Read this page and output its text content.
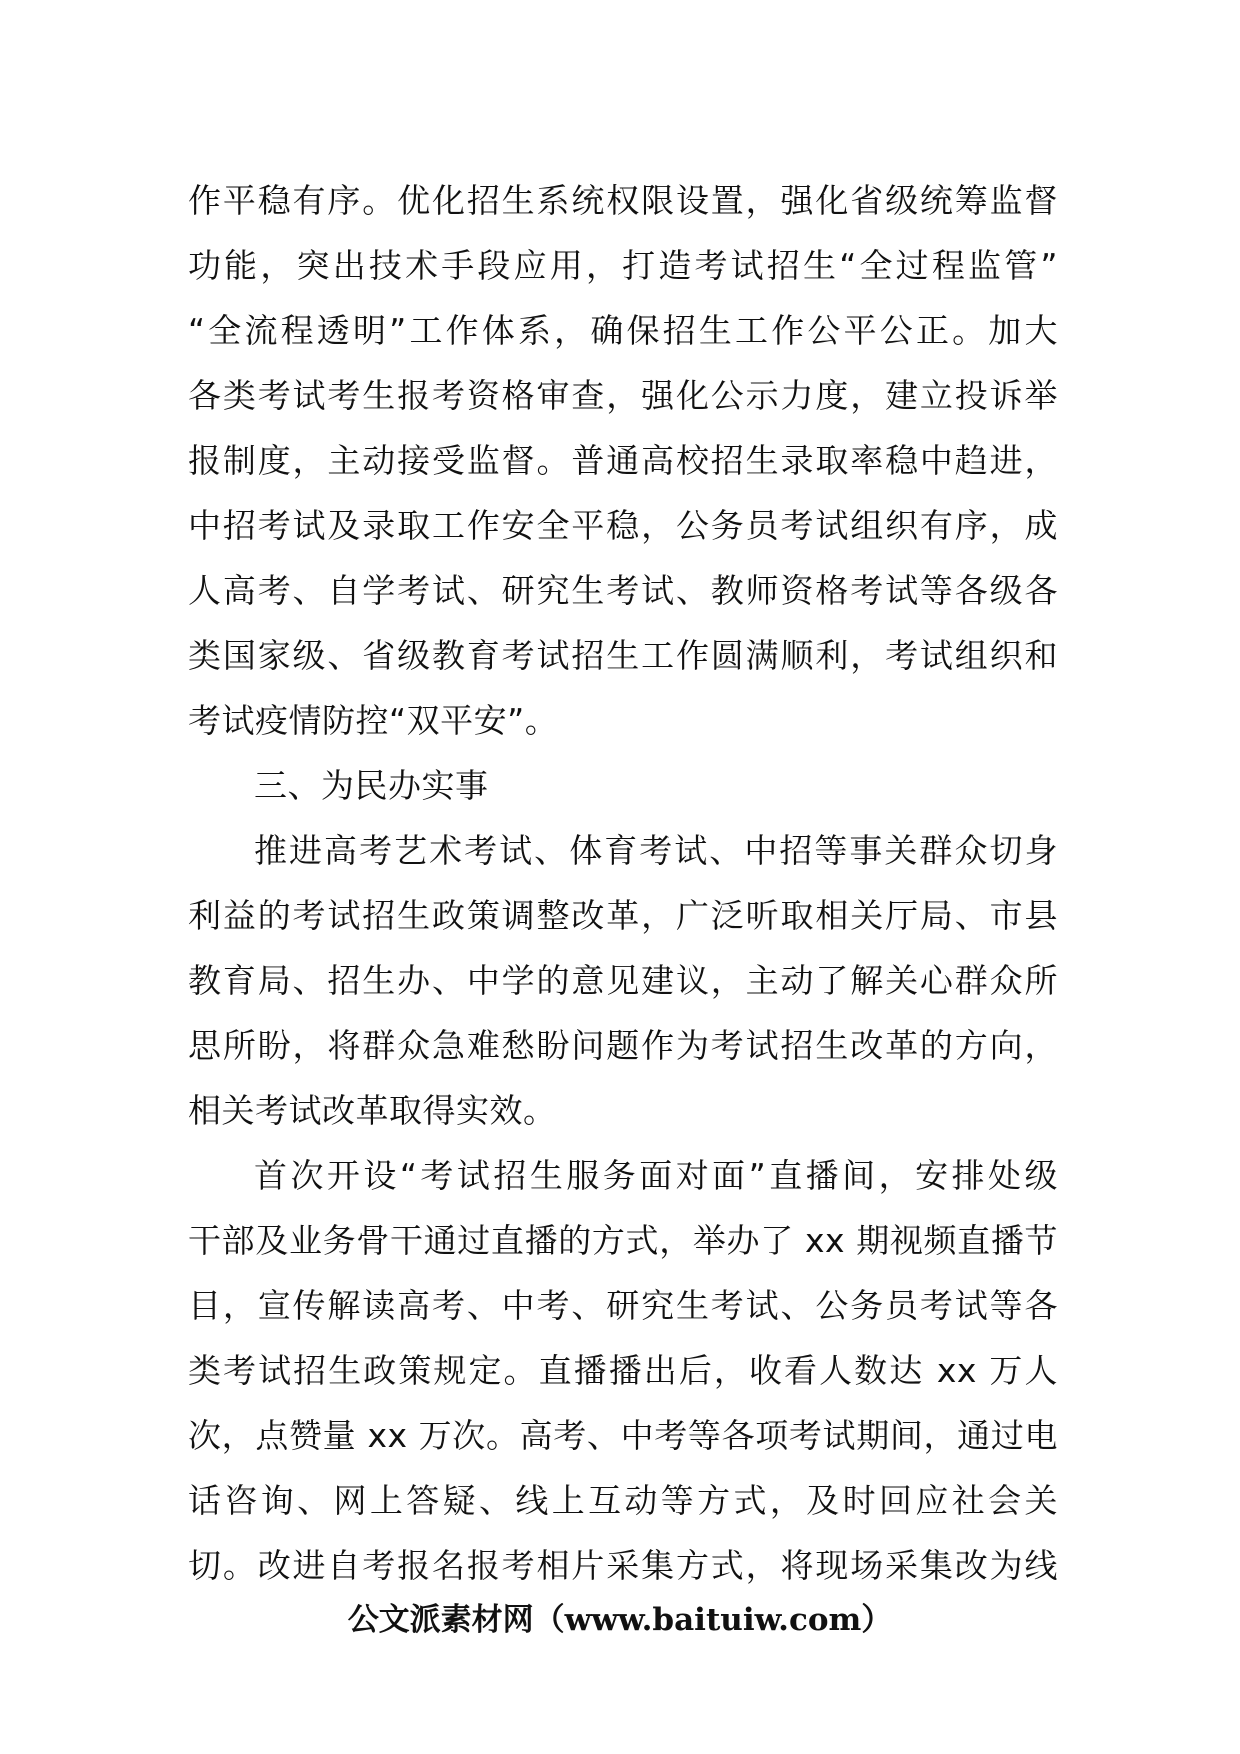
作平稳有序。优化招生系统权限设置，强化省级统筹监督
功能，突出技术手段应用，打造考试招生“全过程监管”
“全流程透明”工作体系，确保招生工作公平公正。加大
各类考试考生报考资格审查，强化公示力度，建立投诉举
报制度，主动接受监督。普通高校招生录取率稳中趋进，
中招考试及录取工作安全平稳，公务员考试组织有序，成
人高考、自学考试、研究生考试、教师资格考试等各级各
类国家级、省级教育考试招生工作圆满顺利，考试组织和
考试疫情防控“双平安”。
三、为民办实事
推进高考艺术考试、体育考试、中招等事关群众切身
利益的考试招生政策调整改革，广泛听取相关厅局、市县
教育局、招生办、中学的意见建议，主动了解关心群众所
思所盼，将群众急难愁盼问题作为考试招生改革的方向，
相关考试改革取得实效。
首次开设“考试招生服务面对面”直播间，安排处级
干部及业务骨干通过直播的方式，举办了 xx 期视频直播节
目，宣传解读高考、中考、研究生考试、公务员考试等各
类考试招生政策规定。直播播出后，收看人数达 xx 万人
次，点赞量 xx 万次。高考、中考等各项考试期间，通过电
话咨询、网上答疑、线上互动等方式，及时回应社会关
切。改进自考报名报考相片采集方式，将现场采集改为线
公文派素材网（www.baituiw.com）
